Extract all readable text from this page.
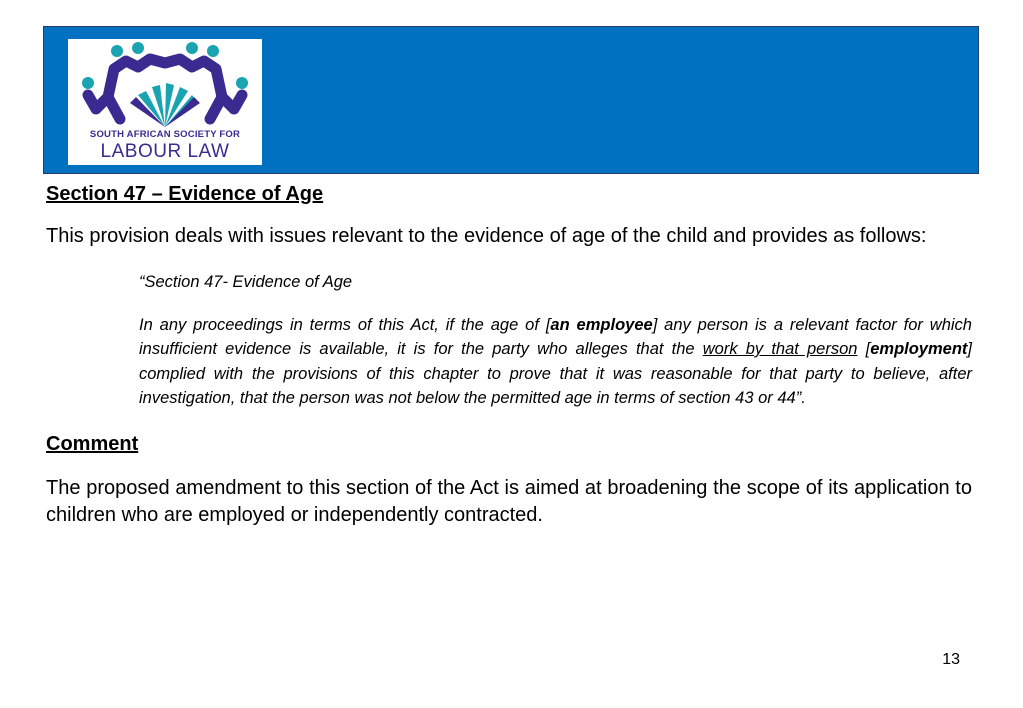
SOUTH AFRICAN SOCIETY FOR
LABOUR LAW
Section 47 – Evidence of Age

This provision deals with issues relevant to the evidence of age of the child and provides as follows:

“Section 47- Evidence of Age

In any proceedings in terms of this Act, if the age of [an employee] any person is a relevant factor for which insufficient evidence is available, it is for the party who alleges that the work by that person [employment] complied with the provisions of this chapter to prove that it was reasonable for that party to believe, after investigation, that the person was not below the permitted age in terms of section 43 or 44”.

Comment

The proposed amendment to this section of the Act is aimed at broadening the scope of its application to children who are employed or independently contracted.

13
